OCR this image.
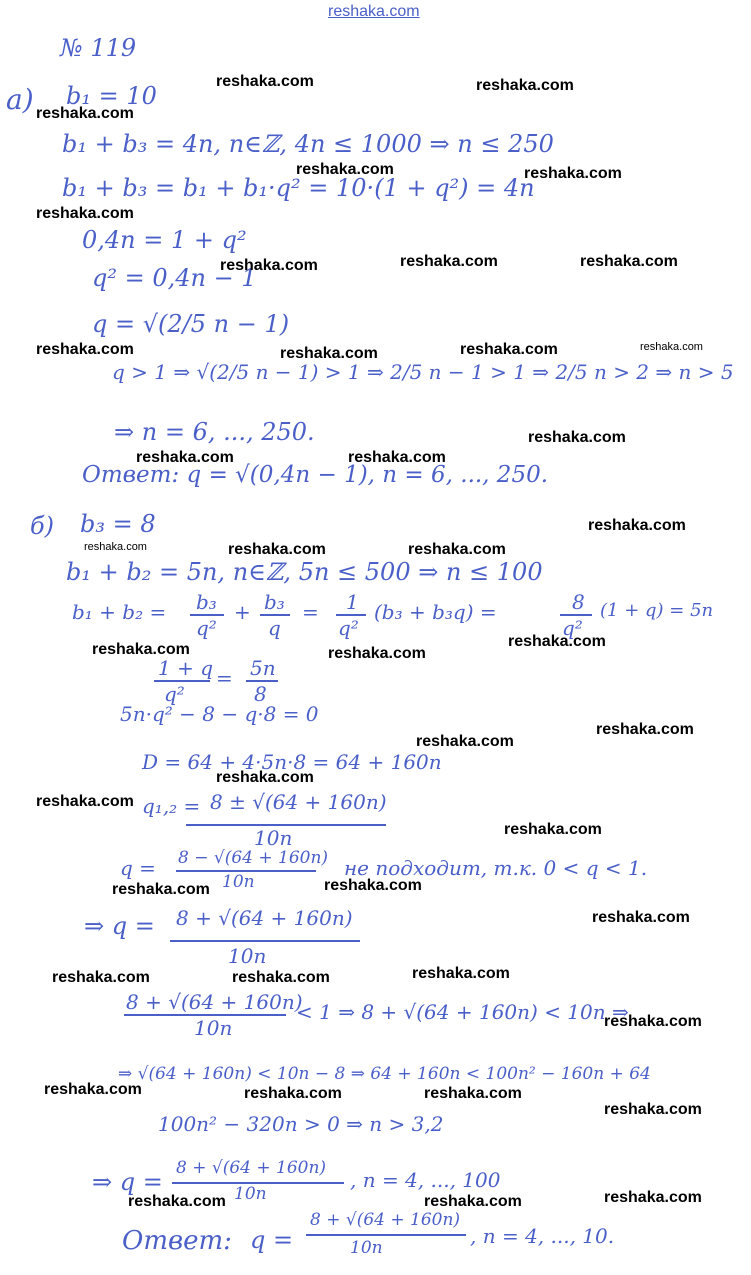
reshaka.com
№ 119
а) b₁ = 10
b₁ + b₃ = 4n, n∈ℤ, 4n ≤ 1000 ⇒ n ≤ 250
b₁ + b₃ = b₁ + b₁·q² = 10·(1 + q²) = 4n
0,4n = 1 + q²
q² = 0,4n − 1
q = √(2/5 n − 1)
q > 1 ⇒ √(2/5 n − 1) > 1 ⇒ 2/5 n − 1 > 1 ⇒ 2/5 n > 2 ⇒ n > 5
⇒ n = 6, ..., 250.
Ответ: q = √(0,4n − 1), n = 6, ..., 250.
б) b₃ = 8
b₁ + b₂ = 5n, n∈ℤ, 5n ≤ 500 ⇒ n ≤ 100
b₁ + b₂ = b₃
q²
+ b₃
q
= 1
q²
(b₃ + b₃q) =	8
q²
(1 + q) = 5n
1 + q
q²
= 5n
8
5n·q² − 8 − q·8 = 0
D = 64 + 4·5n·8 = 64 + 160n
q₁,₂ = 8 ± √(64 + 160n)
10n
q = 8 − √(64 + 160n)
10n
не подходит, т.к. 0 < q < 1.
⇒ q = 8 + √(64 + 160n)
10n
8 + √(64 + 160n)
10n
< 1 ⇒ 8 + √(64 + 160n) < 10n ⇒
⇒ √(64 + 160n) < 10n − 8 ⇒ 64 + 160n < 100n² − 160n + 64
100n² − 320n > 0 ⇒ n > 3,2
⇒ q = 8 + √(64 + 160n)
10n
, n = 4, ..., 100
Ответ: q =
8 + √(64 + 160n)
10n	, n = 4, ..., 10.
reshaka.com	reshaka.com
reshaka.com
reshaka.com	reshaka.com
reshaka.com
reshaka.com	reshaka.com	reshaka.com
reshaka.com	reshaka.com	reshaka.com	reshaka.com
reshaka.com
reshaka.com	reshaka.com
reshaka.com
reshaka.com	reshaka.com	reshaka.com
reshaka.com
reshaka.com	reshaka.com
reshaka.com
reshaka.com
reshaka.com
reshaka.com
reshaka.com
reshaka.com	reshaka.com
reshaka.com
reshaka.com
reshaka.com	reshaka.com
reshaka.com
reshaka.com	reshaka.com	reshaka.com
reshaka.com
reshaka.com	reshaka.com	reshaka.com
